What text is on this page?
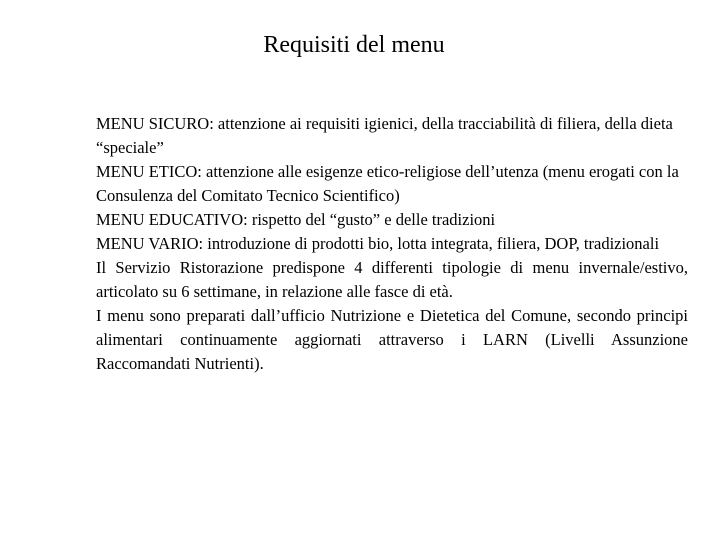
Requisiti del menu

MENU SICURO: attenzione ai requisiti igienici, della tracciabilità di filiera, della dieta “speciale”

MENU ETICO: attenzione alle esigenze etico-religiose dell’utenza (menu erogati con la Consulenza del Comitato Tecnico Scientifico)

MENU EDUCATIVO: rispetto del “gusto” e delle tradizioni

MENU VARIO: introduzione di prodotti bio, lotta integrata, filiera, DOP, tradizionali

Il Servizio Ristorazione predispone 4 differenti tipologie di menu invernale/estivo, articolato su 6 settimane, in relazione alle fasce di età.

I menu sono preparati dall’ufficio Nutrizione e Dietetica del Comune, secondo principi alimentari continuamente aggiornati attraverso i LARN (Livelli Assunzione Raccomandati Nutrienti).
